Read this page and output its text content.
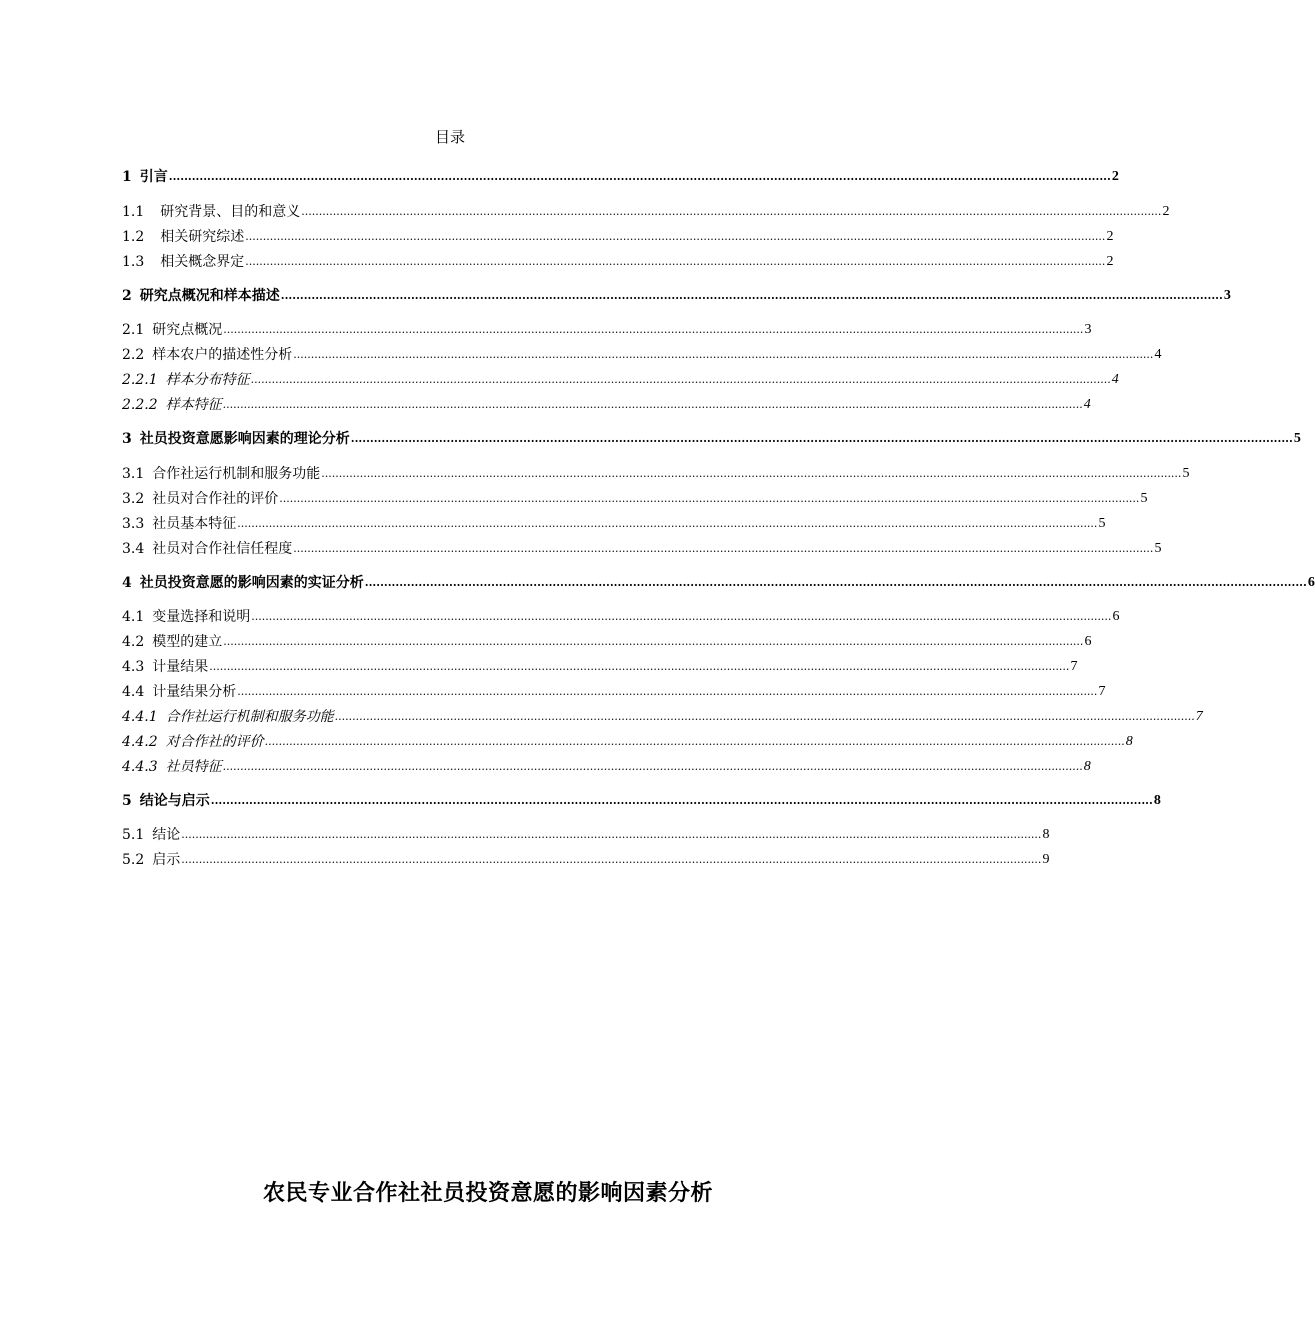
目录
1 引言 ...................................................................................................................................................................................................................................................... 2
1.1 研究背景、目的和意义 ...................................................................................................................................................................................................................................................... 2
1.2 相关研究综述 ...................................................................................................................................................................................................................................................... 2
1.3 相关概念界定 ...................................................................................................................................................................................................................................................... 2
2 研究点概况和样本描述 ...................................................................................................................................................................................................................................................... 3
2.1 研究点概况 ...................................................................................................................................................................................................................................................... 3
2.2 样本农户的描述性分析 ...................................................................................................................................................................................................................................................... 4
2.2.1 样本分布特征 ...................................................................................................................................................................................................................................................... 4
2.2.2 样本特征 ...................................................................................................................................................................................................................................................... 4
3 社员投资意愿影响因素的理论分析 ...................................................................................................................................................................................................................................................... 5
3.1 合作社运行机制和服务功能 ...................................................................................................................................................................................................................................................... 5
3.2 社员对合作社的评价 ...................................................................................................................................................................................................................................................... 5
3.3 社员基本特征 ...................................................................................................................................................................................................................................................... 5
3.4 社员对合作社信任程度 ...................................................................................................................................................................................................................................................... 5
4 社员投资意愿的影响因素的实证分析 ...................................................................................................................................................................................................................................................... 6
4.1 变量选择和说明 ...................................................................................................................................................................................................................................................... 6
4.2 模型的建立 ...................................................................................................................................................................................................................................................... 6
4.3 计量结果 ...................................................................................................................................................................................................................................................... 7
4.4 计量结果分析 ...................................................................................................................................................................................................................................................... 7
4.4.1 合作社运行机制和服务功能 ...................................................................................................................................................................................................................................................... 7
4.4.2 对合作社的评价 ...................................................................................................................................................................................................................................................... 8
4.4.3 社员特征 ...................................................................................................................................................................................................................................................... 8
5 结论与启示 ...................................................................................................................................................................................................................................................... 8
5.1 结论 ...................................................................................................................................................................................................................................................... 8
5.2 启示 ...................................................................................................................................................................................................................................................... 9
农民专业合作社社员投资意愿的影响因素分析
